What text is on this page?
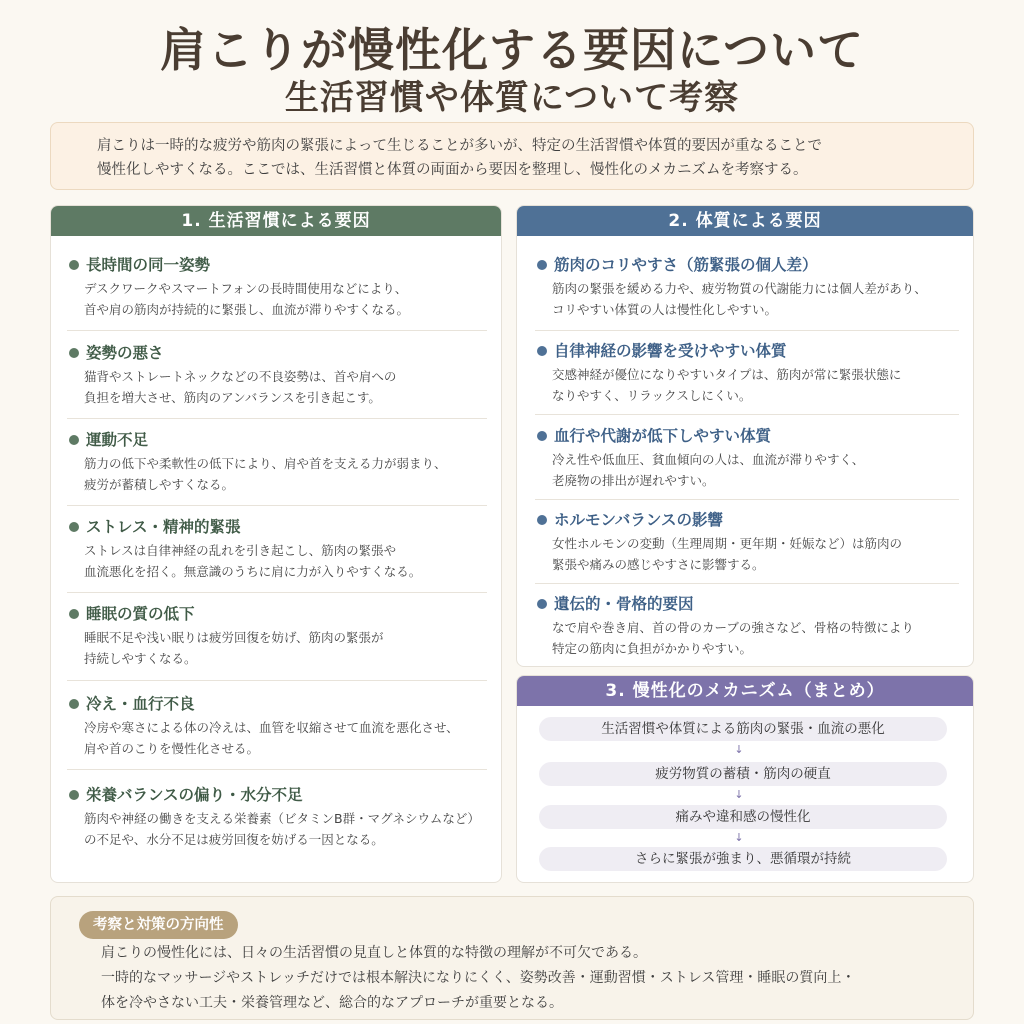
肩こりが慢性化する要因について
生活習慣や体質について考察
肩こりは一時的な疲労や筋肉の緊張によって生じることが多いが、特定の生活習慣や体質的要因が重なることで
慢性化しやすくなる。ここでは、生活習慣と体質の両面から要因を整理し、慢性化のメカニズムを考察する。
1. 生活習慣による要因
長時間の同一姿勢
デスクワークやスマートフォンの長時間使用などにより、
首や肩の筋肉が持続的に緊張し、血流が滞りやすくなる。
姿勢の悪さ
猫背やストレートネックなどの不良姿勢は、首や肩への
負担を増大させ、筋肉のアンバランスを引き起こす。
運動不足
筋力の低下や柔軟性の低下により、肩や首を支える力が弱まり、
疲労が蓄積しやすくなる。
ストレス・精神的緊張
ストレスは自律神経の乱れを引き起こし、筋肉の緊張や
血流悪化を招く。無意識のうちに肩に力が入りやすくなる。
睡眠の質の低下
睡眠不足や浅い眠りは疲労回復を妨げ、筋肉の緊張が
持続しやすくなる。
冷え・血行不良
冷房や寒さによる体の冷えは、血管を収縮させて血流を悪化させ、
肩や首のこりを慢性化させる。
栄養バランスの偏り・水分不足
筋肉や神経の働きを支える栄養素（ビタミンB群・マグネシウムなど）
の不足や、水分不足は疲労回復を妨げる一因となる。
2. 体質による要因
筋肉のコリやすさ（筋緊張の個人差）
筋肉の緊張を緩める力や、疲労物質の代謝能力には個人差があり、
コリやすい体質の人は慢性化しやすい。
自律神経の影響を受けやすい体質
交感神経が優位になりやすいタイプは、筋肉が常に緊張状態に
なりやすく、リラックスしにくい。
血行や代謝が低下しやすい体質
冷え性や低血圧、貧血傾向の人は、血流が滞りやすく、
老廃物の排出が遅れやすい。
ホルモンバランスの影響
女性ホルモンの変動（生理周期・更年期・妊娠など）は筋肉の
緊張や痛みの感じやすさに影響する。
遺伝的・骨格的要因
なで肩や巻き肩、首の骨のカーブの強さなど、骨格の特徴により
特定の筋肉に負担がかかりやすい。
3. 慢性化のメカニズム（まとめ）
生活習慣や体質による筋肉の緊張・血流の悪化
↓
疲労物質の蓄積・筋肉の硬直
↓
痛みや違和感の慢性化
↓
さらに緊張が強まり、悪循環が持続
考察と対策の方向性
肩こりの慢性化には、日々の生活習慣の見直しと体質的な特徴の理解が不可欠である。
一時的なマッサージやストレッチだけでは根本解決になりにくく、姿勢改善・運動習慣・ストレス管理・睡眠の質向上・
体を冷やさない工夫・栄養管理など、総合的なアプローチが重要となる。
